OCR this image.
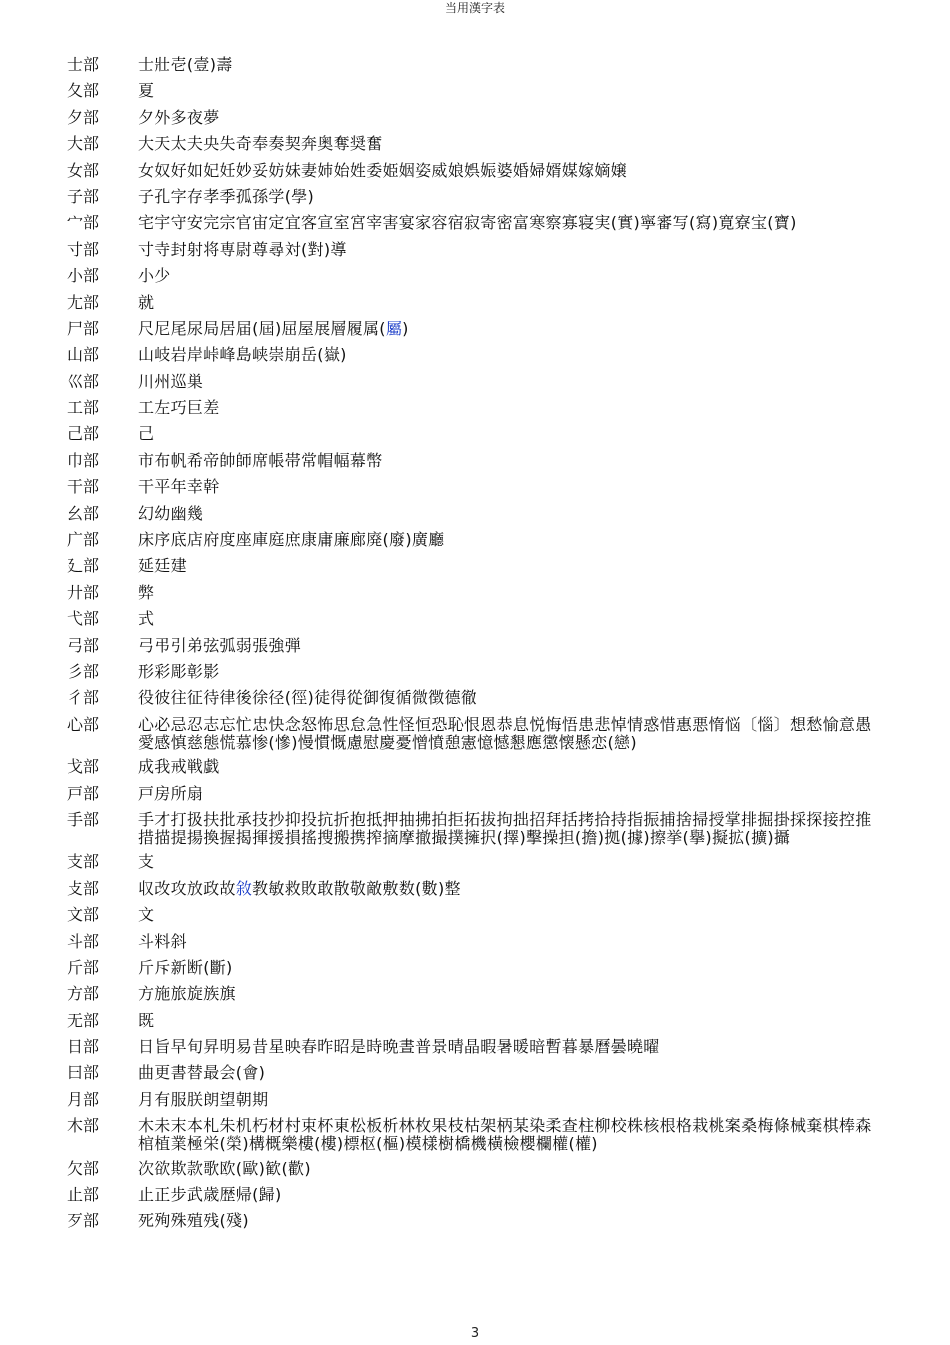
当用漢字表
士部	士壯壱(壹)壽
夂部	夏
夕部	夕外多夜夢
大部	大天太夫央失奇奉奏契奔奥奪奨奮
女部	女奴好如妃妊妙妥妨妹妻姉始姓委姫姻姿威娘娯娠婆婚婦婿媒嫁嫡嬢
子部	子孔字存孝季孤孫学(學)
宀部	宅宇守安完宗官宙定宜客宣室宮宰害宴家容宿寂寄密富寒察寡寝実(實)寧審写(寫)寛寮宝(寶)
寸部	寸寺封射将専尉尊尋対(對)導
小部	小少
尢部	就
尸部	尺尼尾尿局居届(屆)屈屋展層履属(屬)
山部	山岐岩岸峠峰島峡崇崩岳(嶽)
巛部	川州巡巣
工部	工左巧巨差
己部	己
巾部	市布帆希帝帥師席帳帯常帽幅幕幣
干部	干平年幸幹
幺部	幻幼幽幾
广部	床序底店府度座庫庭庶康庸廉廊廃(廢)廣廳
廴部	延廷建
廾部	弊
弋部	式
弓部	弓弔引弟弦弧弱張強弾
彡部	形彩彫彰影
彳部	役彼往征待律後徐径(徑)徒得從御復循微徴德徹
心部	心必忌忍志忘忙忠快念怒怖思怠急性怪恒恐恥恨恩恭息悦悔悟患悲悼情惑惜惠悪惰悩〔惱〕想愁愉意愚愛感慎慈態慌慕惨(慘)慢慣慨慮慰慶憂憎憤憩憲憶憾懇應懲懐懸恋(戀)
戈部	成我戒戦戯
戸部	戸房所扇
手部	手才打扱扶批承技抄抑投抗折抱抵押抽拂拍拒拓拔拘拙招拜括拷拾持指振捕捨掃授掌排掘掛採探接控推措描提揚換握揭揮援損搖搜搬携搾摘摩撤撮撲擁択(擇)擊操担(擔)拠(據)擦挙(擧)擬拡(擴)攝
支部	支
攴部	収改攻放政故敘教敏救敗敢散敬敵敷数(數)整
文部	文
斗部	斗料斜
斤部	斤斥新断(斷)
方部	方施旅旋族旗
无部	既
日部	日旨早旬昇明易昔星映春昨昭是時晩晝普景晴晶暇暑暖暗暫暮暴曆曇曉曜
曰部	曲更書替最会(會)
月部	月有服朕朗望朝期
木部	木未末本札朱机朽材村束杯東松板析林枚果枝枯架柄某染柔查柱柳校株核根格栽桃案桑梅條械棄棋棒森棺植業極栄(榮)構概樂樓(樓)標枢(樞)模樣樹橋機橫檢櫻欄權(權)
欠部	次欲欺款歌欧(歐)歓(歡)
止部	止正步武歳歴帰(歸)
歹部	死殉殊殖残(殘)
3
